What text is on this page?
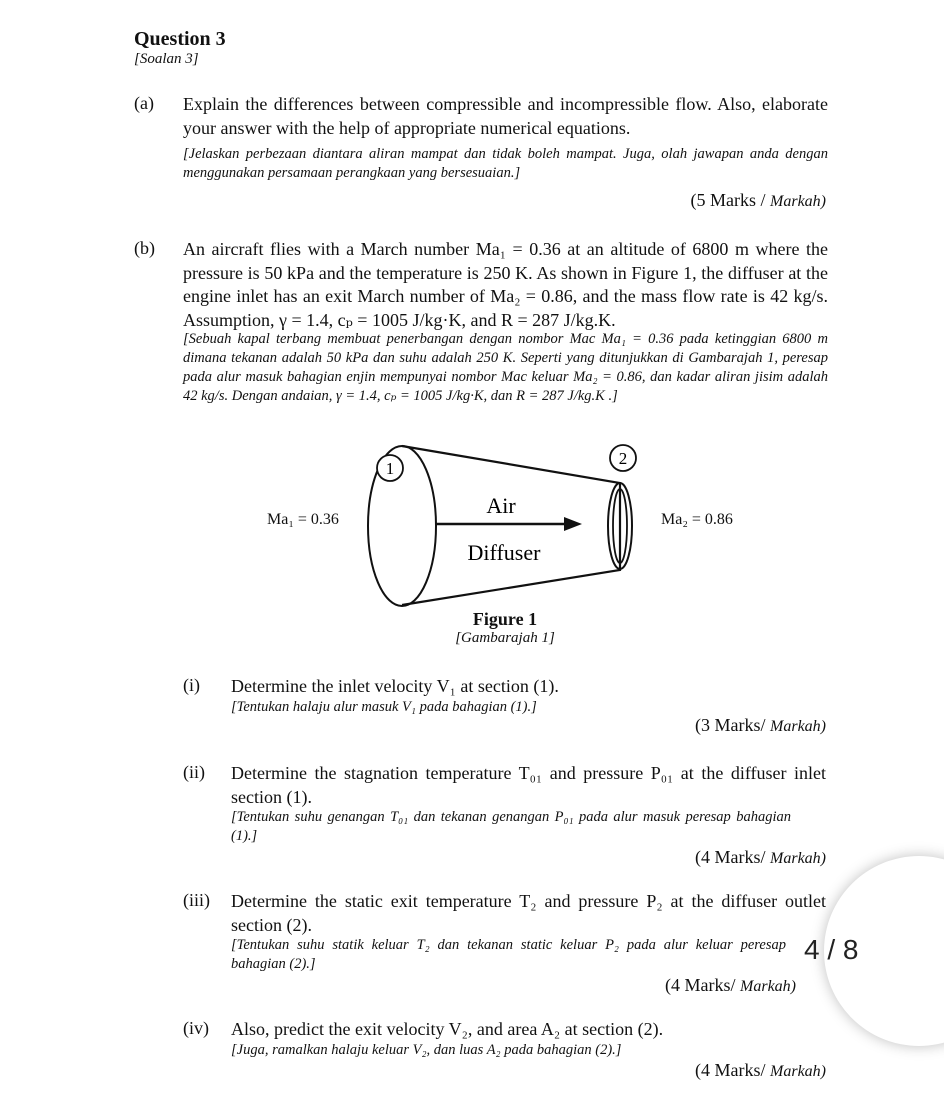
Question 3
[Soalan 3]
(a) Explain the differences between compressible and incompressible flow. Also, elaborate your answer with the help of appropriate numerical equations.
[Jelaskan perbezaan diantara aliran mampat dan tidak boleh mampat. Juga, olah jawapan anda dengan menggunakan persamaan perangkaan yang bersesuaian.]
(5 Marks / Markah)
(b) An aircraft flies with a March number Ma₁ = 0.36 at an altitude of 6800 m where the pressure is 50 kPa and the temperature is 250 K. As shown in Figure 1, the diffuser at the engine inlet has an exit March number of Ma₂ = 0.86, and the mass flow rate is 42 kg/s. Assumption, γ = 1.4, cₚ = 1005 J/kg·K, and R = 287 J/kg.K.
[Sebuah kapal terbang membuat penerbangan dengan nombor Mac Ma₁ = 0.36 pada ketinggian 6800 m dimana tekanan adalah 50 kPa dan suhu adalah 250 K. Seperti yang ditunjukkan di Gambarajah 1, peresap pada alur masuk bahagian enjin mempunyai nombor Mac keluar Ma₂ = 0.86, dan kadar aliran jisim adalah 42 kg/s. Dengan andaian, γ = 1.4, cₚ = 1005 J/kg·K, dan R = 287 J/kg.K .]
1
2
Air
Diffuser
Ma₁ = 0.36	Ma₂ = 0.86
Figure 1
[Gambarajah 1]
(i) Determine the inlet velocity V₁ at section (1).
[Tentukan halaju alur masuk V₁ pada bahagian (1).]
(3 Marks/ Markah)
(ii) Determine the stagnation temperature T₀₁ and pressure P₀₁ at the diffuser inlet section (1).
[Tentukan suhu genangan T₀₁ dan tekanan genangan P₀₁ pada alur masuk peresap bahagian (1).]
(4 Marks/ Markah)
(iii) Determine the static exit temperature T₂ and pressure P₂ at the diffuser outlet section (2).
[Tentukan suhu statik keluar T₂ dan tekanan static keluar P₂ pada alur keluar peresap bahagian (2).]
(4 Marks/ Markah)
4 / 8
(iv) Also, predict the exit velocity V₂, and area A₂ at section (2).
[Juga, ramalkan halaju keluar V₂, dan luas A₂ pada bahagian (2).]
(4 Marks/ Markah)
